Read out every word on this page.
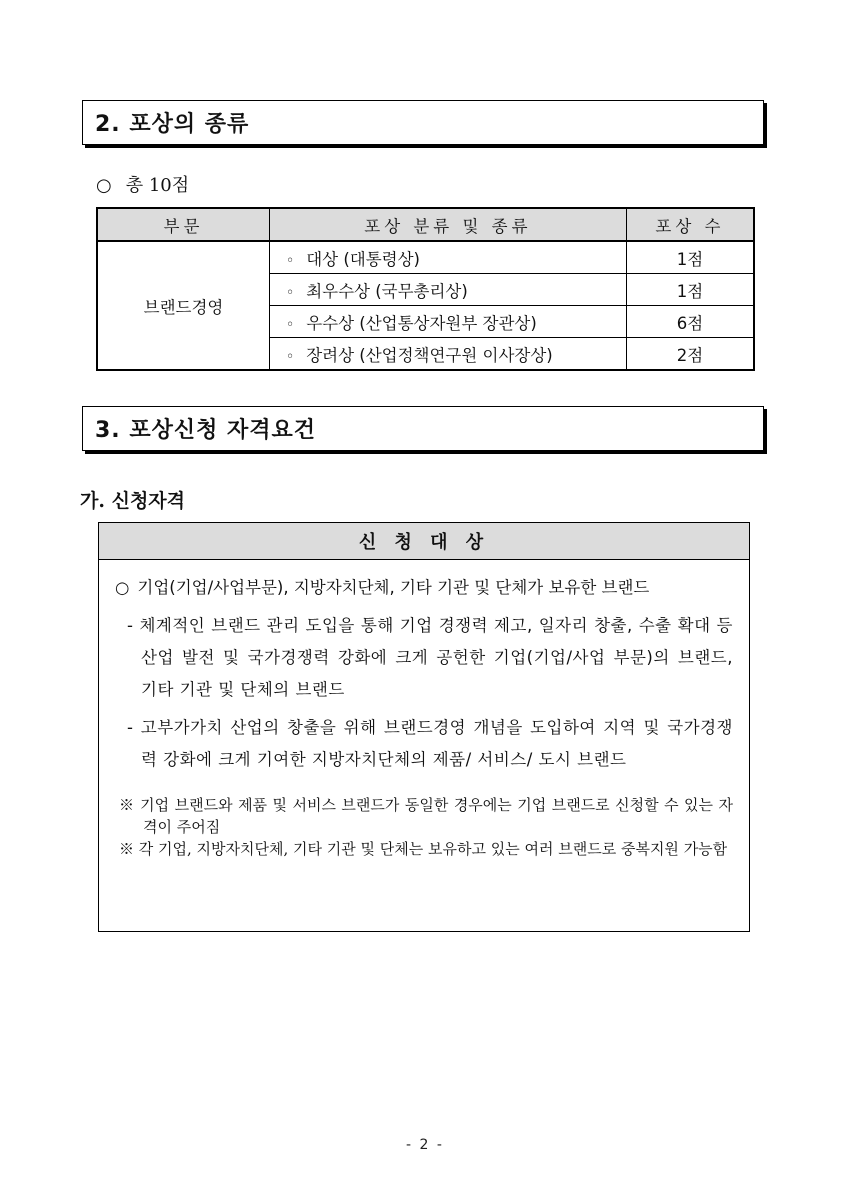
2. 포상의 종류
○ 총 10점
부문	포상 분류 및 종류	포상 수
브랜드경영	◦ 대상 (대통령상)	1점
	◦ 최우수상 (국무총리상)	1점
	◦ 우수상 (산업통상자원부 장관상)	6점
	◦ 장려상 (산업정책연구원 이사장상)	2점
3. 포상신청 자격요건
가. 신청자격
신 청 대 상

○ 기업(기업/사업부문), 지방자치단체, 기타 기관 및 단체가 보유한 브랜드

- 체계적인 브랜드 관리 도입을 통해 기업 경쟁력 제고, 일자리 창출, 수출 확대 등 산업 발전 및 국가경쟁력 강화에 크게 공헌한 기업(기업/사업 부문)의 브랜드, 기타 기관 및 단체의 브랜드

- 고부가가치 산업의 창출을 위해 브랜드경영 개념을 도입하여 지역 및 국가경쟁력 강화에 크게 기여한 지방자치단체의 제품/ 서비스/ 도시 브랜드

※ 기업 브랜드와 제품 및 서비스 브랜드가 동일한 경우에는 기업 브랜드로 신청할 수 있는 자격이 주어짐

※ 각 기업, 지방자치단체, 기타 기관 및 단체는 보유하고 있는 여러 브랜드로 중복지원 가능함

- 2 -
